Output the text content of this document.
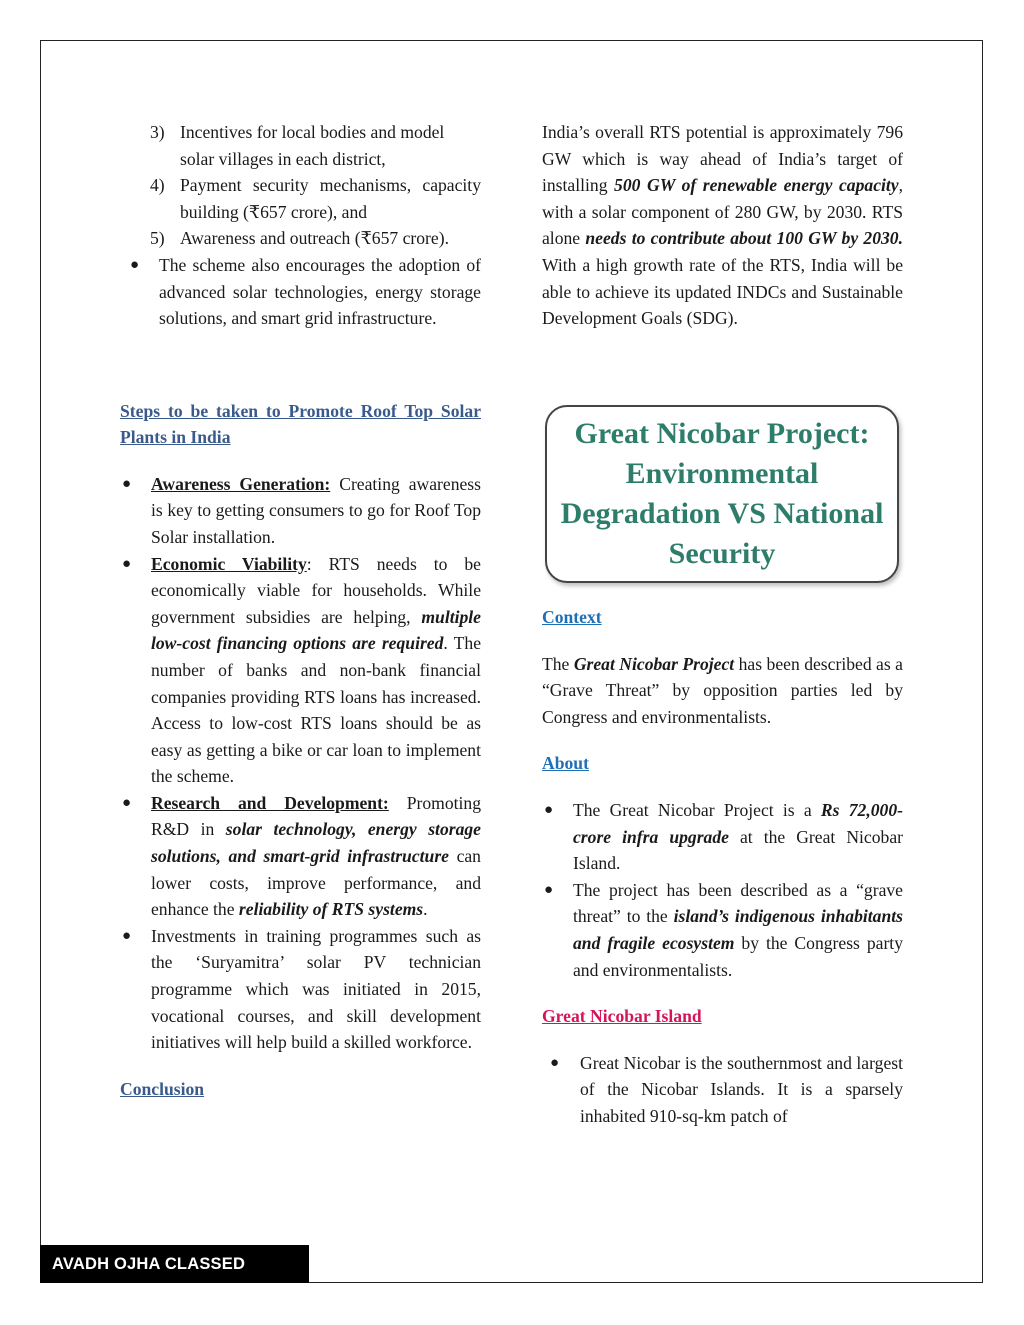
3) Incentives for local bodies and model solar villages in each district,
4) Payment security mechanisms, capacity building (₹657 crore), and
5) Awareness and outreach (₹657 crore).
● The scheme also encourages the adoption of advanced solar technologies, energy storage solutions, and smart grid infrastructure.

Steps to be taken to Promote Roof Top Solar Plants in India

● Awareness Generation: Creating awareness is key to getting consumers to go for Roof Top Solar installation.
● Economic Viability: RTS needs to be economically viable for households. While government subsidies are helping, multiple low-cost financing options are required. The number of banks and non-bank financial companies providing RTS loans has increased. Access to low-cost RTS loans should be as easy as getting a bike or car loan to implement the scheme.
● Research and Development: Promoting R&D in solar technology, energy storage solutions, and smart-grid infrastructure can lower costs, improve performance, and enhance the reliability of RTS systems.
● Investments in training programmes such as the ‘Suryamitra’ solar PV technician programme which was initiated in 2015, vocational courses, and skill development initiatives will help build a skilled workforce.
Conclusion

India’s overall RTS potential is approximately 796 GW which is way ahead of India’s target of installing 500 GW of renewable energy capacity, with a solar component of 280 GW, by 2030. RTS alone needs to contribute about 100 GW by 2030. With a high growth rate of the RTS, India will be able to achieve its updated INDCs and Sustainable Development Goals (SDG).

Great Nicobar Project: Environmental Degradation VS National Security
Context

The Great Nicobar Project has been described as a “Grave Threat” by opposition parties led by Congress and environmentalists.

About
● The Great Nicobar Project is a Rs 72,000-crore infra upgrade at the Great Nicobar Island.
● The project has been described as a “grave threat” to the island’s indigenous inhabitants and fragile ecosystem by the Congress party and environmentalists.
Great Nicobar Island
● Great Nicobar is the southernmost and largest of the Nicobar Islands. It is a sparsely inhabited 910-sq-km patch of
AVADH OJHA CLASSED
